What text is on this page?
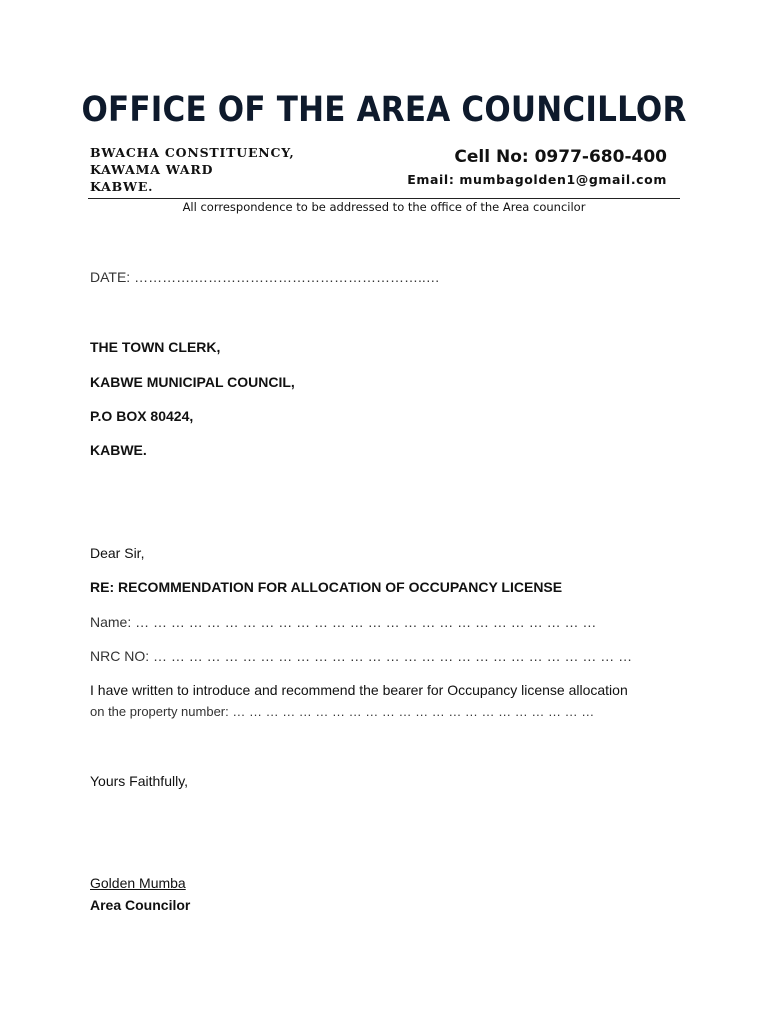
OFFICE OF THE AREA COUNCILLOR
BWACHA CONSTITUENCY,
KAWAMA WARD
KABWE.
Cell No: 0977-680-400
Email: mumbagolden1@gmail.com
All correspondence to be addressed to the office of the Area councilor
DATE: ………….…………………………………………..…
THE TOWN CLERK,
KABWE MUNICIPAL COUNCIL,
P.O BOX 80424,
KABWE.
Dear Sir,
RE: RECOMMENDATION FOR ALLOCATION OF OCCUPANCY LICENSE
Name: … … … … … … … … … … … … … … … … … … … … … … … … … …
NRC NO: … … … … … … … … … … … … … … … … … … … … … … … … … … …
I have written to introduce and recommend the bearer for Occupancy license allocation
on the property number: … … … … … … … … … … … … … … … … … … … … … …
Yours Faithfully,
Golden Mumba
Area Councilor
